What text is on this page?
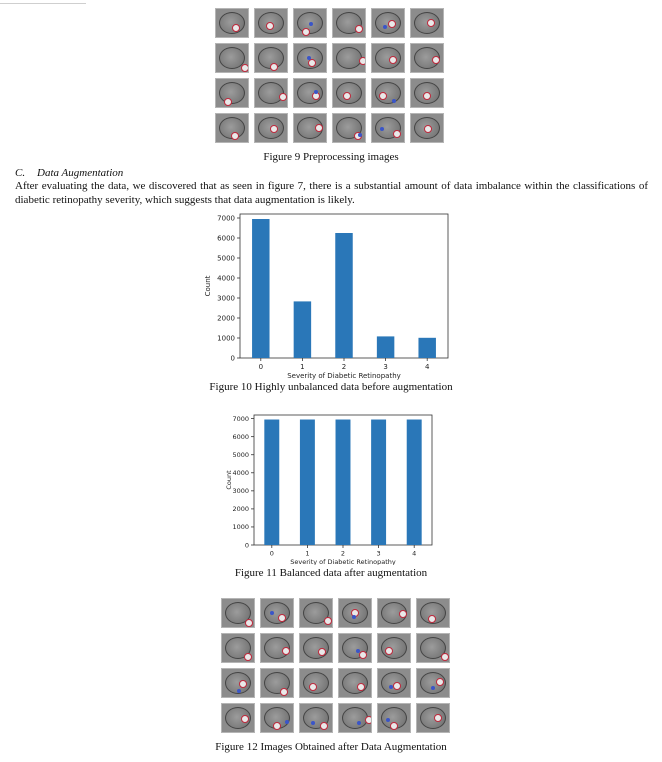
Figure 9 Preprocessing images
C. Data Augmentation
After evaluating the data, we discovered that as seen in figure 7, there is a substantial amount of data imbalance within the classifications of diabetic retinopathy severity, which suggests that data augmentation is likely.
0
1000
2000
3000
4000
5000
6000
7000
0	1	2	3	4
Severity of Diabetic Retinopathy
Count
Figure 10 Highly unbalanced data before augmentation
0
1000
2000
3000
4000
5000
6000
7000
0	1	2	3	4
Severity of Diabetic Retinopathy
Count
Figure 11 Balanced data after augmentation
Figure 12 Images Obtained after Data Augmentation
